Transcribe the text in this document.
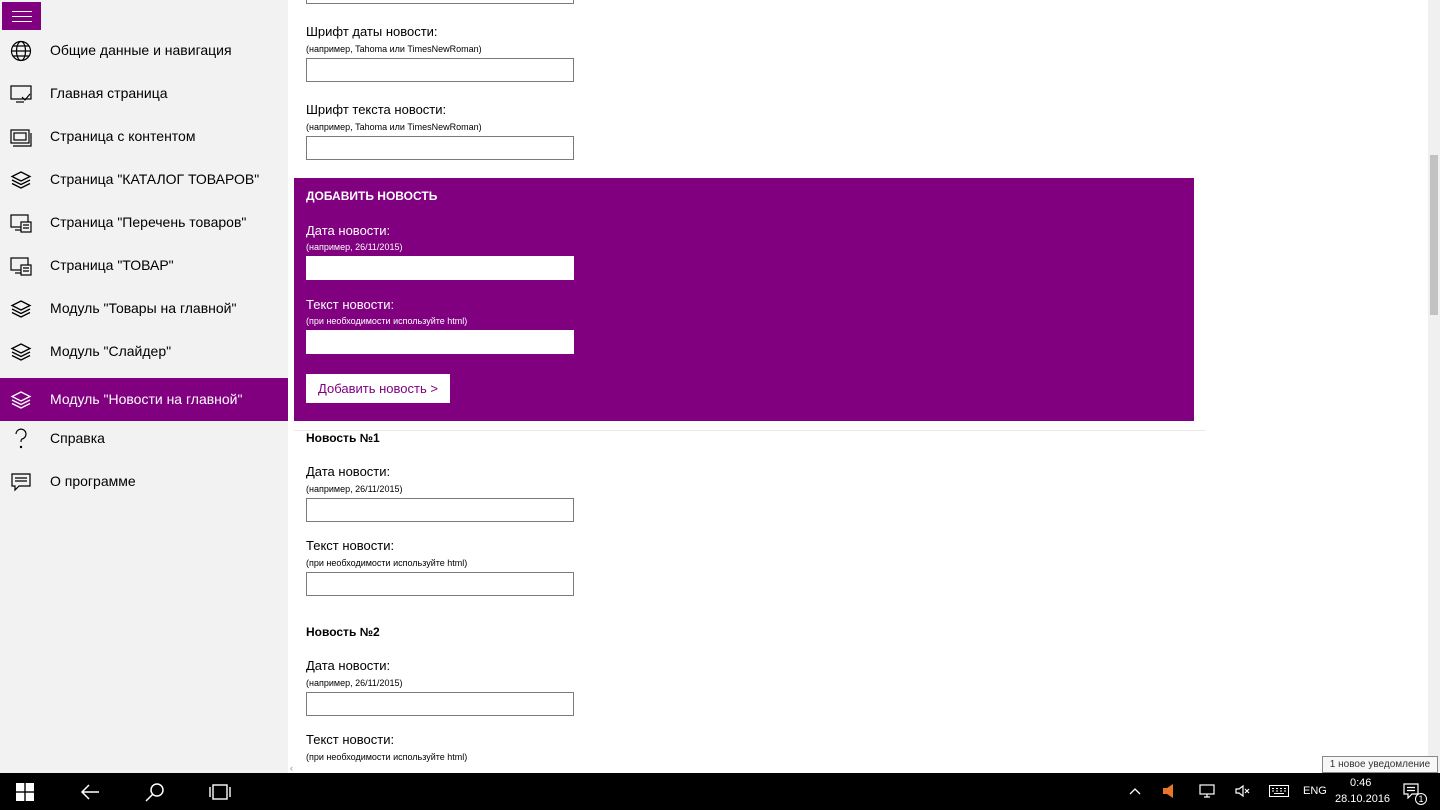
Общие данные и навигация
Главная страница
Страница с контентом
Страница "КАТАЛОГ ТОВАРОВ"
Страница "Перечень товаров"
Страница "ТОВАР"
Модуль "Товары на главной"
Модуль "Слайдер"
Модуль "Новости на главной"
Справка
О программе
Шрифт даты новости:
(например, Tahoma или TimesNewRoman)
Шрифт текста новости:
(например, Tahoma или TimesNewRoman)
ДОБАВИТЬ НОВОСТЬ
Дата новости:
(например, 26/11/2015)
Текст новости:
(при необходимости используйте html)
Добавить новость >
Новость №1
Дата новости:
(например, 26/11/2015)
Текст новости:
(при необходимости используйте html)
Новость №2
Дата новости:
(например, 26/11/2015)
Текст новости:
(при необходимости используйте html)
‹	1 новое уведомление
ENG
0:46
28.10.2016	1
